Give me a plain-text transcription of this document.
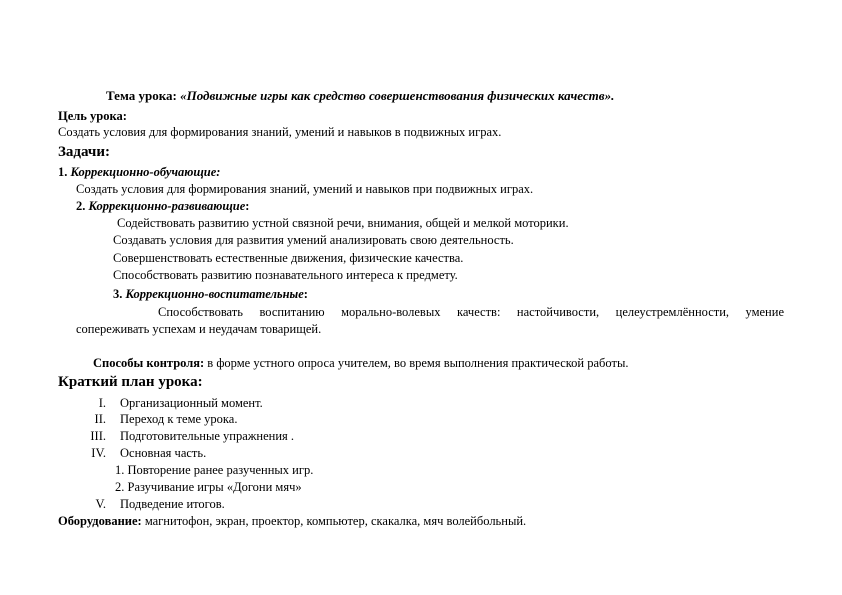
Тема урока: «Подвижные игры как средство совершенствования физических качеств».
Цель урока:
Создать условия для формирования знаний, умений и навыков в подвижных играх.
Задачи:
1. Коррекционно-обучающие:
Создать условия для формирования знаний, умений и навыков при подвижных играх.
2. Коррекционно-развивающие:
Содействовать развитию устной связной речи, внимания, общей и мелкой моторики.
Создавать условия для развития умений анализировать свою деятельность.
Совершенствовать естественные движения, физические качества.
Способствовать развитию познавательного интереса к предмету.
3. Коррекционно-воспитательные:
Способствовать воспитанию морально-волевых качеств: настойчивости, целеустремлённости, умение
сопереживать успехам и неудачам товарищей.
Способы контроля: в форме устного опроса учителем, во время выполнения практической работы.
Краткий план урока:
I. Организационный момент.
II. Переход к теме урока.
III. Подготовительные упражнения .
IV. Основная часть.
1. Повторение ранее разученных игр.
2. Разучивание игры «Догони мяч»
V. Подведение итогов.
Оборудование: магнитофон, экран, проектор, компьютер, скакалка, мяч волейбольный.
